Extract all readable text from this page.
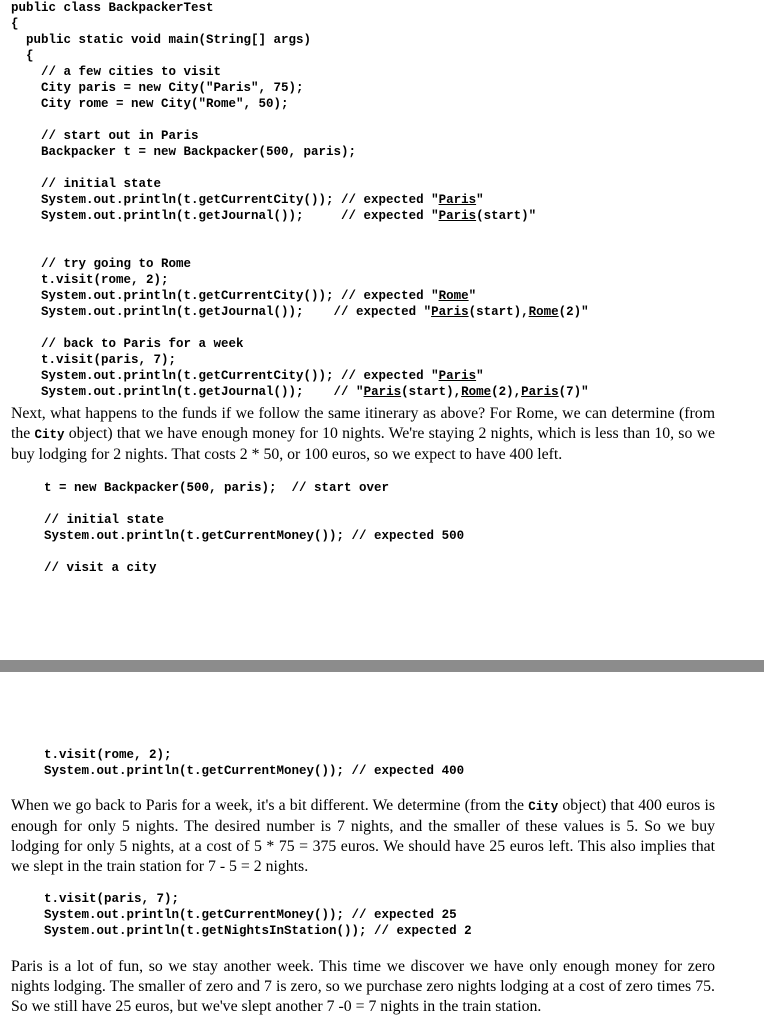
public class BackpackerTest
{
public static void main(String[] args)
{
// a few cities to visit
City paris = new City("Paris", 75);
City rome = new City("Rome", 50);

// start out in Paris
Backpacker t = new Backpacker(500, paris);

// initial state
System.out.println(t.getCurrentCity()); // expected "Paris"
System.out.println(t.getJournal());     // expected "Paris(start)"

// try going to Rome
t.visit(rome, 2);
System.out.println(t.getCurrentCity()); // expected "Rome"
System.out.println(t.getJournal());    // expected "Paris(start),Rome(2)"

// back to Paris for a week
t.visit(paris, 7);
System.out.println(t.getCurrentCity()); // expected "Paris"
System.out.println(t.getJournal());    // "Paris(start),Rome(2),Paris(7)"

Next, what happens to the funds if we follow the same itinerary as above? For Rome, we can determine (from the City object) that we have enough money for 10 nights. We're staying 2 nights, which is less than 10, so we buy lodging for 2 nights. That costs 2 * 50, or 100 euros, so we expect to have 400 left.

t = new Backpacker(500, paris);  // start over

// initial state
System.out.println(t.getCurrentMoney()); // expected 500

// visit a city
t.visit(rome, 2);
System.out.println(t.getCurrentMoney()); // expected 400

When we go back to Paris for a week, it's a bit different. We determine (from the City object) that 400 euros is enough for only 5 nights. The desired number is 7 nights, and the smaller of these values is 5. So we buy lodging for only 5 nights, at a cost of 5 * 75 = 375 euros. We should have 25 euros left. This also implies that we slept in the train station for 7 - 5 = 2 nights.

t.visit(paris, 7);
System.out.println(t.getCurrentMoney()); // expected 25
System.out.println(t.getNightsInStation()); // expected 2

Paris is a lot of fun, so we stay another week. This time we discover we have only enough money for zero nights lodging. The smaller of zero and 7 is zero, so we purchase zero nights lodging at a cost of zero times 75. So we still have 25 euros, but we've slept another 7 -0 = 7 nights in the train station.
